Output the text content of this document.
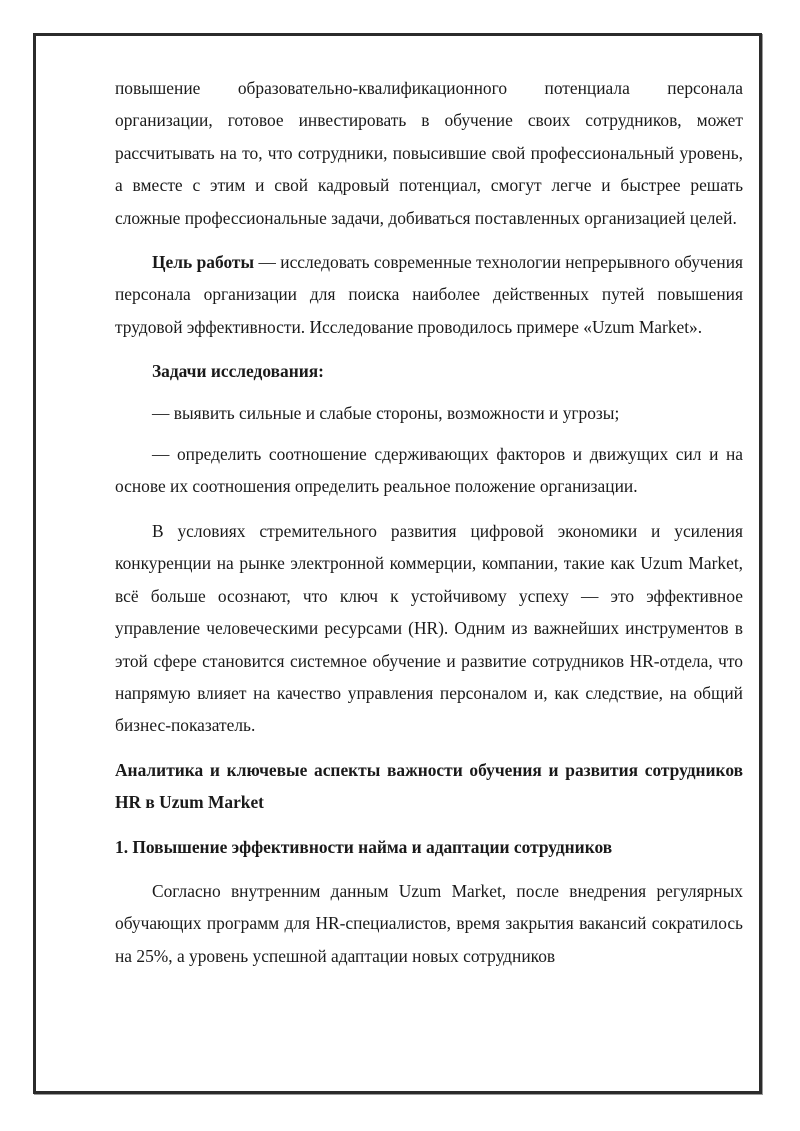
повышение образовательно-квалификационного потенциала персонала организации, готовое инвестировать в обучение своих сотрудников, может рассчитывать на то, что сотрудники, повысившие свой профессиональный уровень, а вместе с этим и свой кадровый потенциал, смогут легче и быстрее решать сложные профессиональные задачи, добиваться поставленных организацией целей.

Цель работы — исследовать современные технологии непрерывного обучения персонала организации для поиска наиболее действенных путей повышения трудовой эффективности. Исследование проводилось примере «Uzum Market».

Задачи исследования:

— выявить сильные и слабые стороны, возможности и угрозы;

— определить соотношение сдерживающих факторов и движущих сил и на основе их соотношения определить реальное положение организации.

В условиях стремительного развития цифровой экономики и усиления конкуренции на рынке электронной коммерции, компании, такие как Uzum Market, всё больше осознают, что ключ к устойчивому успеху — это эффективное управление человеческими ресурсами (HR). Одним из важнейших инструментов в этой сфере становится системное обучение и развитие сотрудников HR-отдела, что напрямую влияет на качество управления персоналом и, как следствие, на общий бизнес-показатель.

Аналитика и ключевые аспекты важности обучения и развития сотрудников HR в Uzum Market

1. Повышение эффективности найма и адаптации сотрудников

Согласно внутренним данным Uzum Market, после внедрения регулярных обучающих программ для HR-специалистов, время закрытия вакансий сократилось на 25%, а уровень успешной адаптации новых сотрудников
